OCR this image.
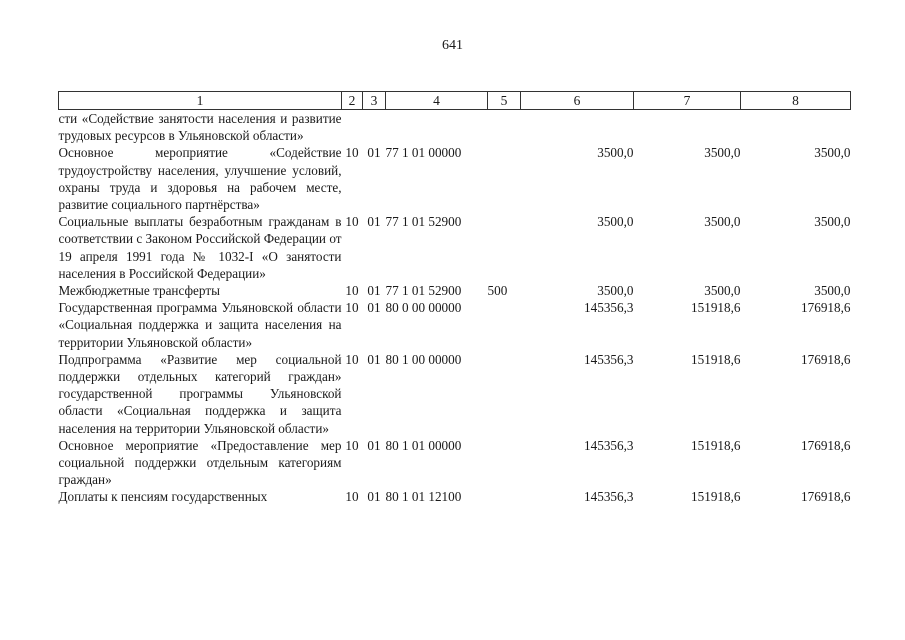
641
1	2	3	4	5	6	7	8
сти «Содействие занятости населения и развитие трудовых ресурсов в Ульяновской области»							
Основное мероприятие «Содействие трудоустройству населения, улучшение условий, охраны труда и здоровья на рабочем месте, развитие социального партнёрства»	10	01	77 1 01 00000		3500,0	3500,0	3500,0
Социальные выплаты безработным гражданам в соответствии с Законом Российской Федерации от 19 апреля 1991 года № 1032-I «О занятости населения в Российской Федерации»	10	01	77 1 01 52900		3500,0	3500,0	3500,0
Межбюджетные трансферты	10	01	77 1 01 52900	500	3500,0	3500,0	3500,0
Государственная программа Ульяновской области «Социальная поддержка и защита населения на территории Ульяновской области»	10	01	80 0 00 00000		145356,3	151918,6	176918,6
Подпрограмма «Развитие мер социальной поддержки отдельных категорий граждан» государственной программы Ульяновской области «Социальная поддержка и защита населения на территории Ульяновской области»	10	01	80 1 00 00000		145356,3	151918,6	176918,6
Основное мероприятие «Предоставление мер социальной поддержки отдельным категориям граждан»	10	01	80 1 01 00000		145356,3	151918,6	176918,6
Доплаты к пенсиям государственных	10	01	80 1 01 12100		145356,3	151918,6	176918,6
